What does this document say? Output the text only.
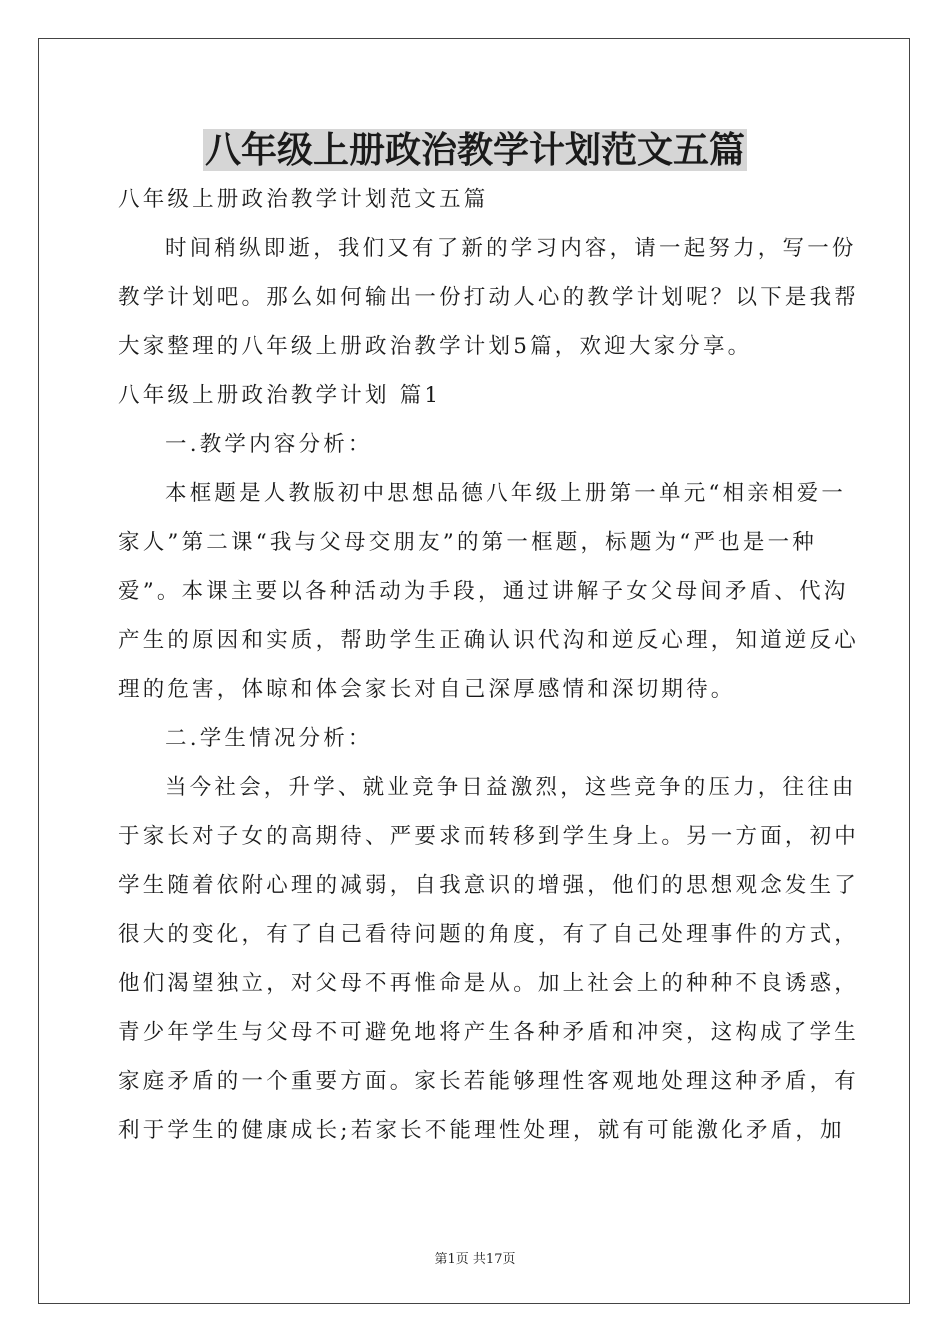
八年级上册政治教学计划范文五篇

八年级上册政治教学计划范文五篇

时间稍纵即逝，我们又有了新的学习内容，请一起努力，写一份

教学计划吧。那么如何输出一份打动人心的教学计划呢？以下是我帮

大家整理的八年级上册政治教学计划5篇，欢迎大家分享。

八年级上册政治教学计划 篇1

一.教学内容分析：

本框题是人教版初中思想品德八年级上册第一单元“相亲相爱一

家人”第二课“我与父母交朋友”的第一框题，标题为“严也是一种

爱”。本课主要以各种活动为手段，通过讲解子女父母间矛盾、代沟

产生的原因和实质，帮助学生正确认识代沟和逆反心理，知道逆反心

理的危害，体晾和体会家长对自己深厚感情和深切期待。

二.学生情况分析：

当今社会，升学、就业竞争日益激烈，这些竞争的压力，往往由

于家长对子女的高期待、严要求而转移到学生身上。另一方面，初中

学生随着依附心理的减弱，自我意识的增强，他们的思想观念发生了

很大的变化，有了自己看待问题的角度，有了自己处理事件的方式，

他们渴望独立，对父母不再惟命是从。加上社会上的种种不良诱惑，

青少年学生与父母不可避免地将产生各种矛盾和冲突，这构成了学生

家庭矛盾的一个重要方面。家长若能够理性客观地处理这种矛盾，有

利于学生的健康成长;若家长不能理性处理，就有可能激化矛盾，加

第1页 共17页
